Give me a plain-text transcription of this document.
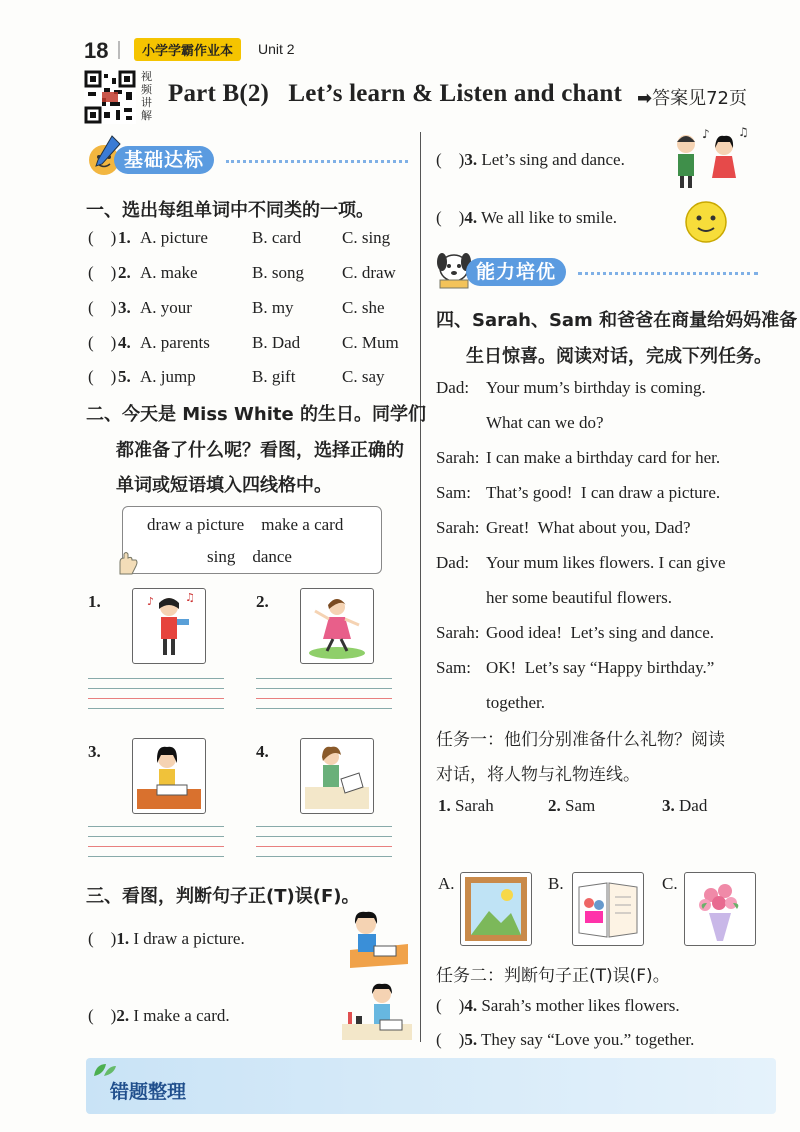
18	小学学霸作业本	Unit 2
视
频
讲
解
Part B(2)   Let’s learn & Listen and chant ➡答案见72页
基础达标
一、选出每组单词中不同类的一项。
(    ) 1. A. picture	B. card C. sing
(    ) 2. A. make	B. song C. draw
(    ) 3. A. your	B. my	C. she
(    ) 4. A. parents B. Dad C. Mum
(    ) 5. A. jump	B. gift	C. say
二、今天是 Miss White 的生日。同学们
都准备了什么呢？看图，选择正确的
单词或短语填入四线格中。
draw a picture    make a card
sing    dance
1.	♪	♫	2.
3.	4.
三、看图，判断句子正(T)误(F)。
(    )1. I draw a picture.
(    )2. I make a card.
(    )3. Let’s sing and dance.
♪ ♫
(    )4. We all like to smile.
能力培优
四、Sarah、Sam 和爸爸在商量给妈妈准备
生日惊喜。阅读对话，完成下列任务。
Dad: Your mum’s birthday is coming.
What can we do?
Sarah: I can make a birthday card for her.
Sam: That’s good!  I can draw a picture.
Sarah: Great!  What about you, Dad?
Dad: Your mum likes flowers. I can give
her some beautiful flowers.
Sarah: Good idea!  Let’s sing and dance.
Sam: OK!  Let’s say “Happy birthday.”
together.
任务一：他们分别准备什么礼物？阅读
对话，将人物与礼物连线。
1. Sarah	2. Sam	3. Dad
A.	B.	C.
任务二：判断句子正(T)误(F)。
(    )4. Sarah’s mother likes flowers.
(    )5. They say “Love you.” together.
错题整理
